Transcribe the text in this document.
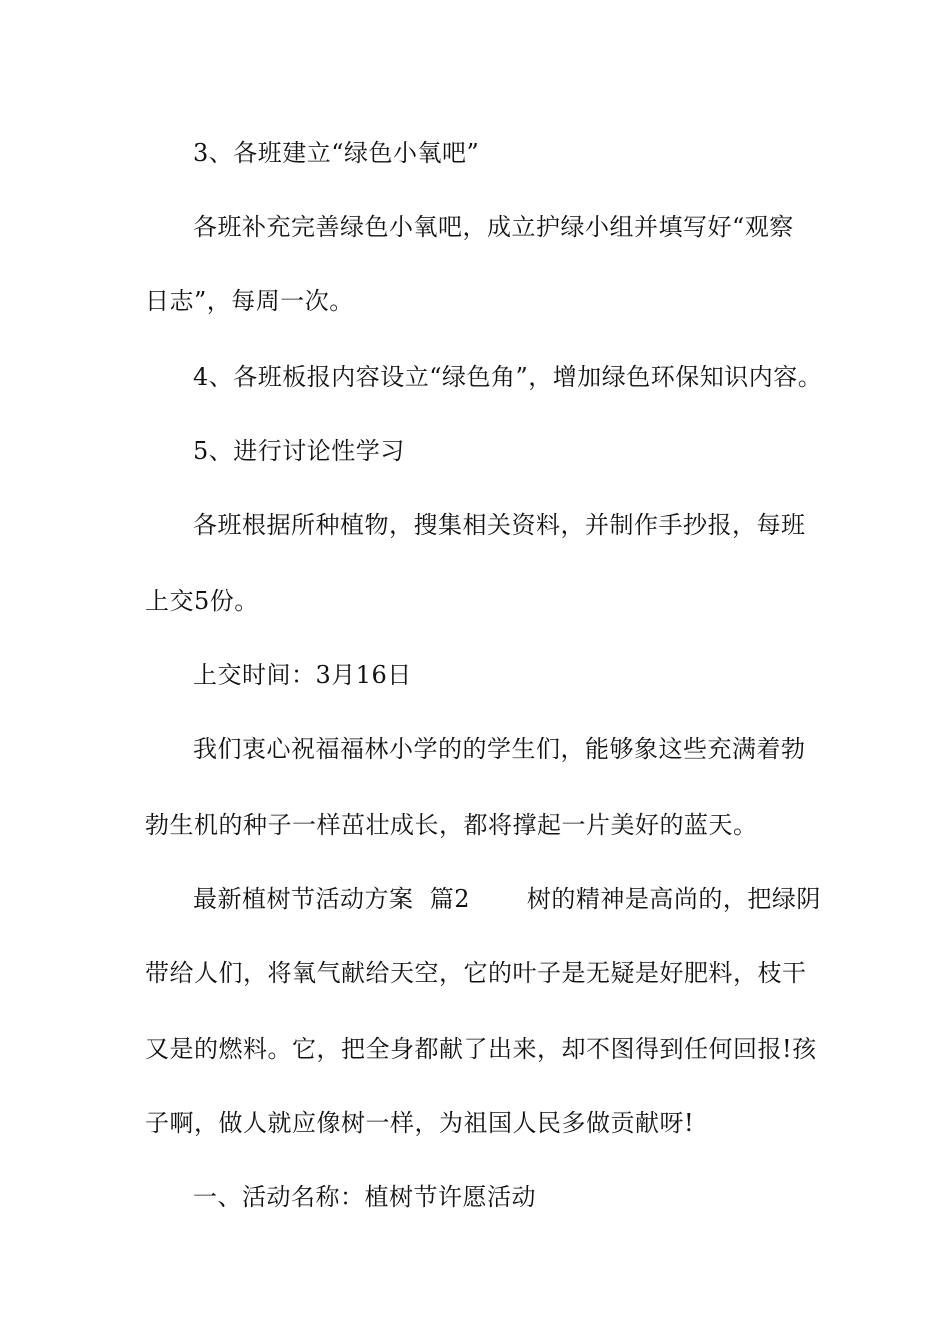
3、各班建立“绿色小氧吧”
各班补充完善绿色小氧吧，成立护绿小组并填写好“观察
日志”，每周一次。
4、各班板报内容设立“绿色角”，增加绿色环保知识内容。
5、进行讨论性学习
各班根据所种植物，搜集相关资料，并制作手抄报，每班
上交5份。
上交时间：3月16日
我们衷心祝福福林小学的的学生们，能够象这些充满着勃
勃生机的种子一样茁壮成长，都将撑起一片美好的蓝天。
最新植树节活动方案  篇2       树的精神是高尚的，把绿阴
带给人们，将氧气献给天空，它的叶子是无疑是好肥料，枝干
又是的燃料。它，把全身都献了出来，却不图得到任何回报!孩
子啊，做人就应像树一样，为祖国人民多做贡献呀!
一、活动名称：植树节许愿活动
